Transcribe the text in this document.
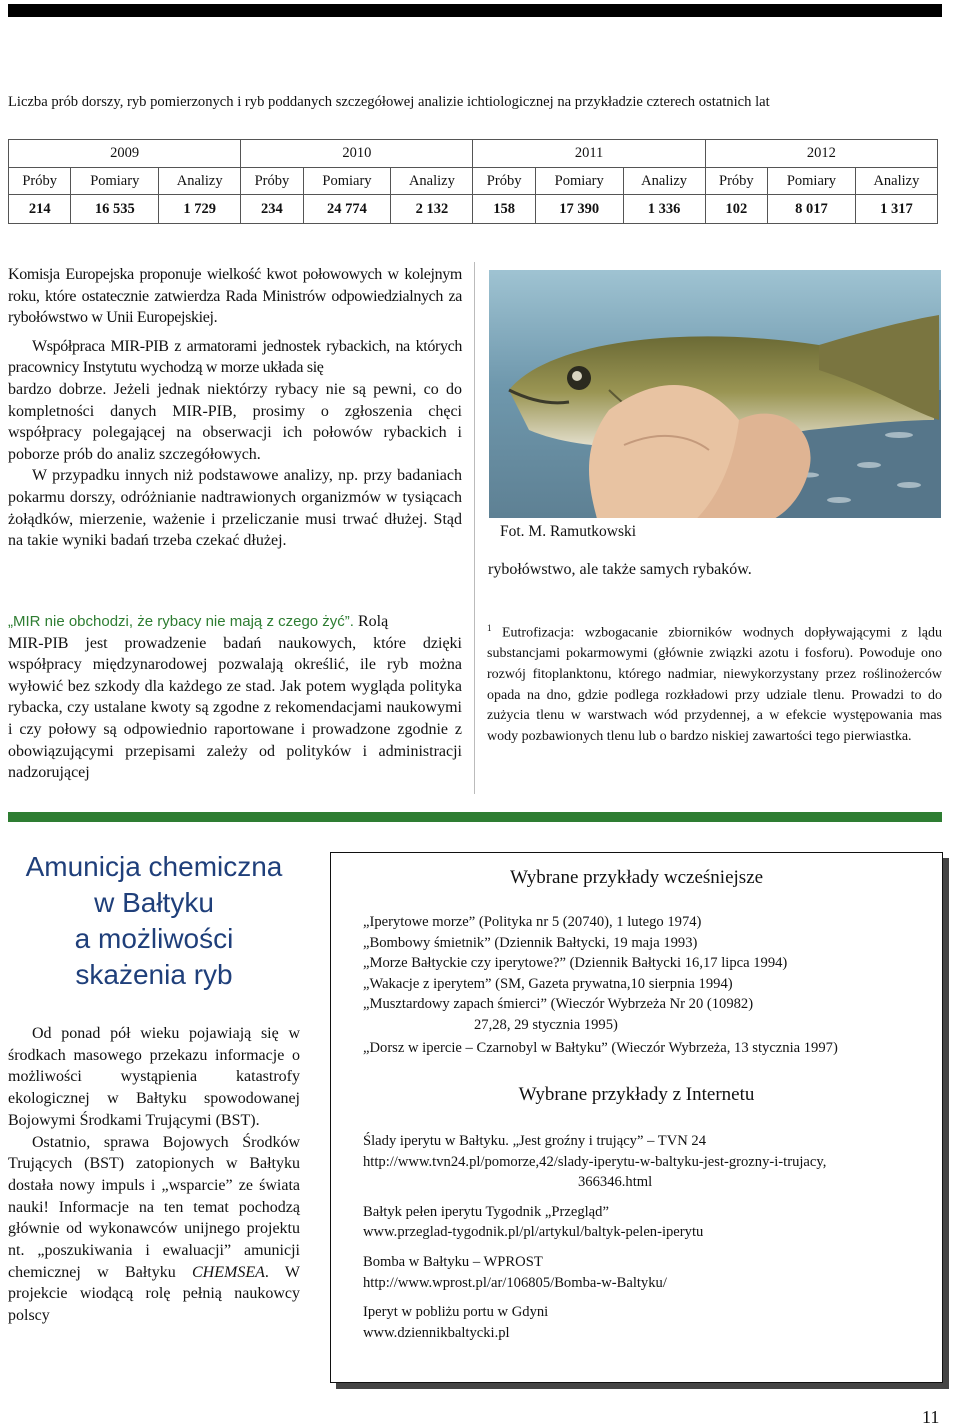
Liczba prób dorszy, ryb pomierzonych i ryb poddanych szczegółowej analizie ichtiologicznej na przykładzie czterech ostatnich lat
2009			2010			2011			2012		
Próby	Pomiary	Analizy	Próby	Pomiary	Analizy	Próby	Pomiary	Analizy	Próby	Pomiary	Analizy
214	16 535	1 729	234	24 774	2 132	158	17 390	1 336	102	8 017	1 317

Komisja Europejska proponuje wielkość kwot połowowych w kolejnym roku, które ostatecznie zatwierdza Rada Ministrów odpowiedzialnych za rybołówstwo w Unii Europejskiej.

Współpraca MIR-PIB z armatorami jednostek rybackich, na których pracownicy Instytutu wychodzą w morze układa się

bardzo dobrze. Jeżeli jednak niektórzy rybacy nie są pewni, co do kompletności danych MIR-PIB, prosimy o zgłoszenia chęci współpracy polegającej na obserwacji ich połowów rybackich i poborze prób do analiz szczegółowych.

W przypadku innych niż podstawowe analizy, np. przy badaniach pokarmu dorszy, odróżnianie nadtrawionych organizmów w tysiącach żołądków, mierzenie, ważenie i przeliczanie musi trwać dłużej. Stąd na takie wyniki badań trzeba czekać dłużej.

„MIR nie obchodzi, że rybacy nie mają z czego żyć”. Rolą

MIR-PIB jest prowadzenie badań naukowych, które dzięki współpracy międzynarodowej pozwalają określić, ile ryb można wyłowić bez szkody dla każdego ze stad. Jak potem wygląda polityka rybacka, czy ustalane kwoty są zgodne z rekomendacjami naukowymi i czy połowy są odpowiednio raportowane i prowadzone zgodnie z obowiązującymi przepisami zależy od polityków i administracji nadzorującej

Fot. M. Ramutkowski
rybołówstwo, ale także samych rybaków.
$^1$ Eutrofizacja: wzbogacanie zbiorników wodnych dopływającymi z lądu substancjami pokarmowymi (głównie związki azotu i fosforu). Powoduje ono rozwój fitoplanktonu, którego nadmiar, niewykorzystany przez roślinożerców opada na dno, gdzie podlega rozkładowi przy udziale tlenu. Prowadzi to do zużycia tlenu w warstwach wód przydennej, a w efekcie występowania mas wody pozbawionych tlenu lub o bardzo niskiej zawartości tego pierwiastka.
Amunicja chemiczna
w Bałtyku
a możliwości
skażenia ryb

Od ponad pół wieku pojawiają się w środkach masowego przekazu informacje o możliwości wystąpienia katastrofy ekologicznej w Bałtyku spowodowanej Bojowymi Środkami Trującymi (BST).

Ostatnio, sprawa Bojowych Środków Trujących (BST) zatopionych w Bałtyku dostała nowy impuls i „wsparcie” ze świata nauki! Informacje na ten temat pochodzą głównie od wykonawców unijnego projektu nt. „poszukiwania i ewaluacji” amunicji chemicznej w Bałtyku CHEMSEA. W projekcie wiodącą rolę pełnią naukowcy polscy

Wybrane przykłady wcześniejsze
„Iperytowe morze” (Polityka nr 5 (20740), 1 lutego 1974)
„Bombowy śmietnik” (Dziennik Bałtycki, 19 maja 1993)
„Morze Bałtyckie czy iperytowe?” (Dziennik Bałtycki 16,17 lipca 1994)
„Wakacje z iperytem” (SM, Gazeta prywatna,10 sierpnia 1994)
„Musztardowy zapach śmierci” (Wieczór Wybrzeża Nr 20 (10982)
27,28, 29 stycznia 1995)
„Dorsz w ipercie – Czarnobyl w Bałtyku” (Wieczór Wybrzeża, 13 stycznia 1997)
Wybrane przykłady z Internetu
Ślady iperytu w Bałtyku. „Jest groźny i trujący” – TVN 24
http://www.tvn24.pl/pomorze,42/slady-iperytu-w-baltyku-jest-grozny-i-trujacy,
366346.html
Bałtyk pełen iperytu Tygodnik „Przegląd”
www.przeglad-tygodnik.pl/pl/artykul/baltyk-pelen-iperytu
Bomba w Bałtyku – WPROST
http://www.wprost.pl/ar/106805/Bomba-w-Baltyku/
Iperyt w pobliżu portu w Gdyni
www.dziennikbaltycki.pl
11
